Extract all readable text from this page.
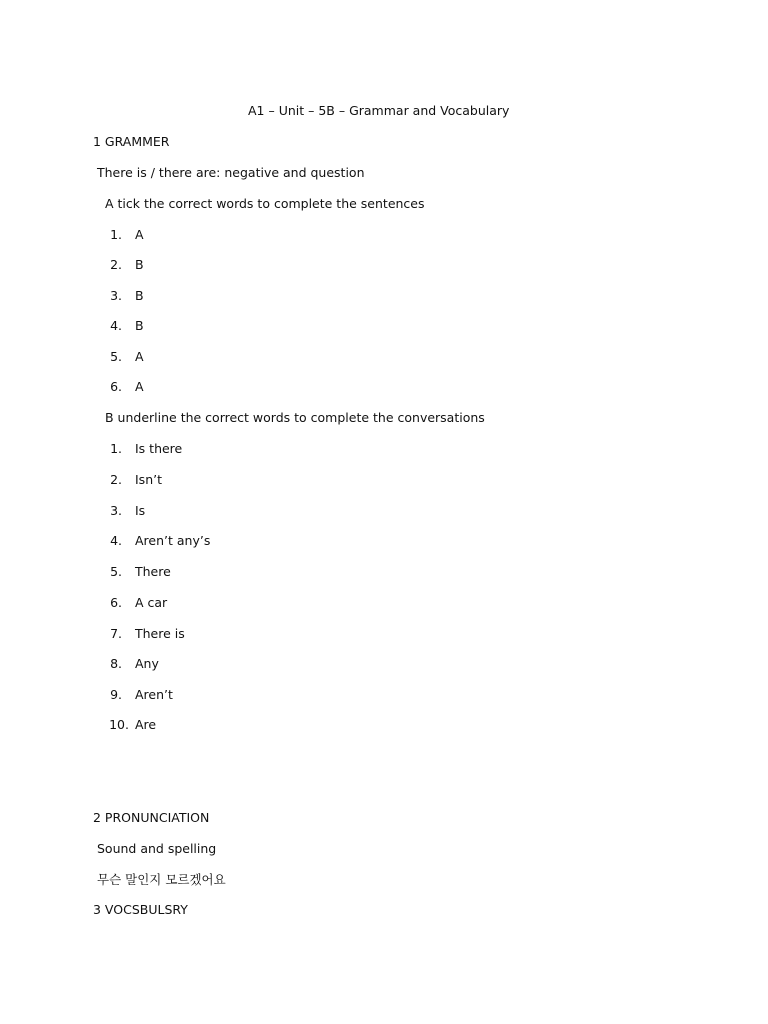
A1 – Unit – 5B – Grammar and Vocabulary
1 GRAMMER
There is / there are: negative and question
A tick the correct words to complete the sentences
1. A
2. B
3. B
4. B
5. A
6. A
B underline the correct words to complete the conversations
1. Is there
2. Isn’t
3. Is
4. Aren’t any’s
5. There
6. A car
7. There is
8. Any
9. Aren’t
10. Are
2 PRONUNCIATION
Sound and spelling
무슨 말인지 모르겠어요
3 VOCSBULSRY
